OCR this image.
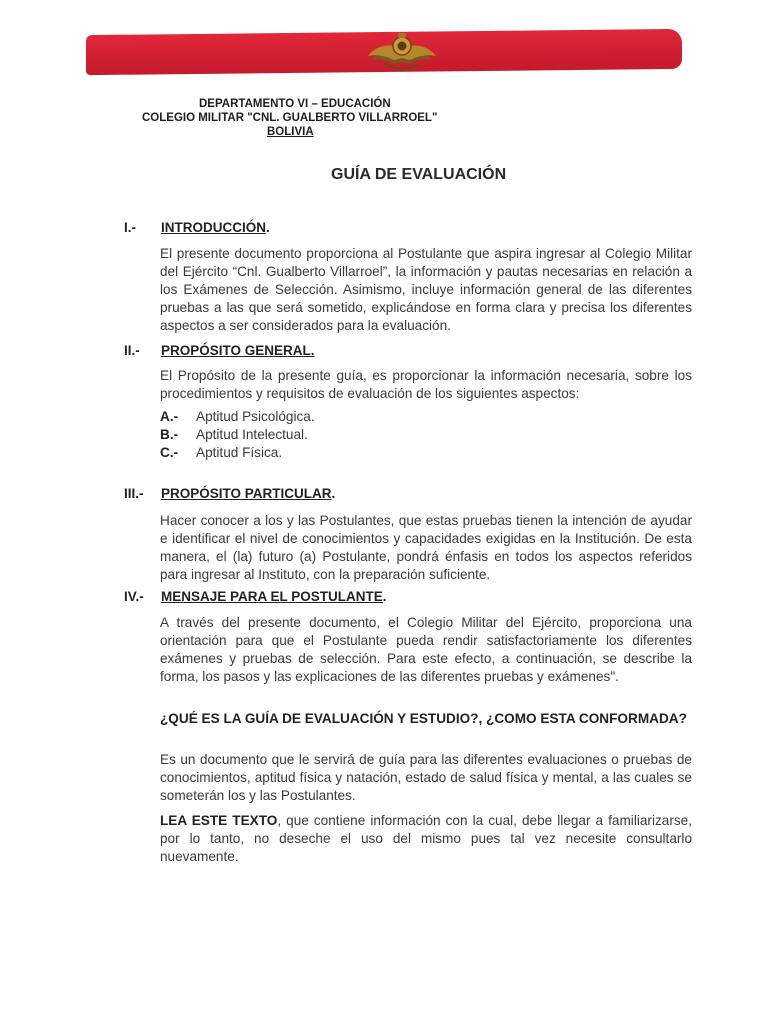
DEPARTAMENTO VI – EDUCACIÓN
COLEGIO MILITAR "CNL. GUALBERTO VILLARROEL"
BOLIVIA
GUÍA DE EVALUACIÓN
I.- INTRODUCCIÓN.
El presente documento proporciona al Postulante que aspira ingresar al Colegio Militar del Ejército “Cnl. Gualberto Villarroel”, la información y pautas necesarias en relación a los Exámenes de Selección. Asimismo, incluye información general de las diferentes pruebas a las que será sometido, explicándose en forma clara y precisa los diferentes aspectos a ser considerados para la evaluación.
II.- PROPÓSITO GENERAL.
El Propósito de la presente guía, es proporcionar la información necesaria, sobre los procedimientos y requisitos de evaluación de los siguientes aspectos:
A.- Aptitud Psicológica.
B.- Aptitud Intelectual.
C.- Aptitud Física.
III.- PROPÓSITO PARTICULAR.
Hacer conocer a los y las Postulantes, que estas pruebas tienen la intención de ayudar e identificar el nivel de conocimientos y capacidades exigidas en la Institución. De esta manera, el (la) futuro (a) Postulante, pondrá énfasis en todos los aspectos referidos para ingresar al Instituto, con la preparación suficiente.
IV.- MENSAJE PARA EL POSTULANTE.
A través del presente documento, el Colegio Militar del Ejército, proporciona una orientación para que el Postulante pueda rendir satisfactoriamente los diferentes exámenes y pruebas de selección. Para este efecto, a continuación, se describe la forma, los pasos y las explicaciones de las diferentes pruebas y exámenes".
¿QUÉ ES LA GUÍA DE EVALUACIÓN Y ESTUDIO?, ¿COMO ESTA CONFORMADA?
Es un documento que le servirá de guía para las diferentes evaluaciones o pruebas de conocimientos, aptitud física y natación, estado de salud física y mental, a las cuales se someterán los y las Postulantes.
LEA ESTE TEXTO, que contiene información con la cual, debe llegar a familiarizarse, por lo tanto, no deseche el uso del mismo pues tal vez necesite consultarlo nuevamente.
